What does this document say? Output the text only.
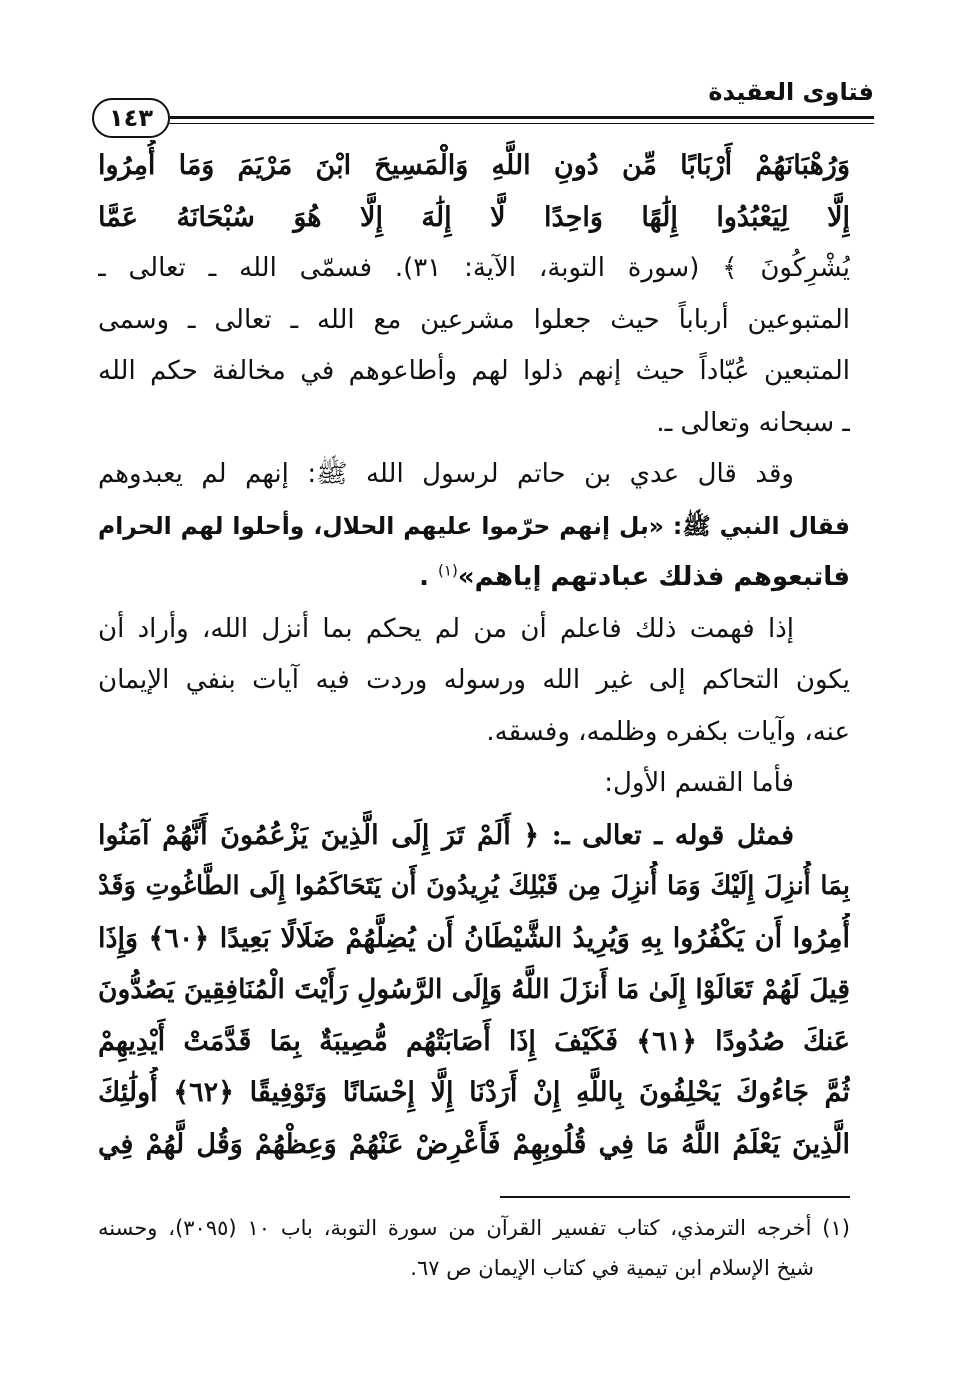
فتاوى العقيدة
١٤٣
وَرُهْبَانَهُمْ أَرْبَابًا مِّن دُونِ اللَّهِ وَالْمَسِيحَ ابْنَ مَرْيَمَ وَمَا أُمِرُوا
إِلَّا لِيَعْبُدُوا إِلَٰهًا وَاحِدًا لَّا إِلَٰهَ إِلَّا هُوَ سُبْحَانَهُ عَمَّا
يُشْرِكُونَ ﴾ (سورة التوبة، الآية: ٣١). فسمّى الله ـ تعالى ـ
المتبوعين أرباباً حيث جعلوا مشرعين مع الله ـ تعالى ـ وسمى
المتبعين عُبّاداً حيث إنهم ذلوا لهم وأطاعوهم في مخالفة حكم الله
ـ سبحانه وتعالى ـ.
وقد قال عدي بن حاتم لرسول الله ﷺ: إنهم لم يعبدوهم
فقال النبي ﷺ: «بل إنهم حرّموا عليهم الحلال، وأحلوا لهم الحرام
فاتبعوهم فذلك عبادتهم إياهم»$^{(١)}$ .
إذا فهمت ذلك فاعلم أن من لم يحكم بما أنزل الله، وأراد أن
يكون التحاكم إلى غير الله ورسوله وردت فيه آيات بنفي الإيمان
عنه، وآيات بكفره وظلمه، وفسقه.
فأما القسم الأول:
فمثل قوله ـ تعالى ـ: ﴿ أَلَمْ تَرَ إِلَى الَّذِينَ يَزْعُمُونَ أَنَّهُمْ آمَنُوا
بِمَا أُنزِلَ إِلَيْكَ وَمَا أُنزِلَ مِن قَبْلِكَ يُرِيدُونَ أَن يَتَحَاكَمُوا إِلَى الطَّاغُوتِ وَقَدْ
أُمِرُوا أَن يَكْفُرُوا بِهِ وَيُرِيدُ الشَّيْطَانُ أَن يُضِلَّهُمْ ضَلَالًا بَعِيدًا ﴿٦٠﴾ وَإِذَا
قِيلَ لَهُمْ تَعَالَوْا إِلَىٰ مَا أَنزَلَ اللَّهُ وَإِلَى الرَّسُولِ رَأَيْتَ الْمُنَافِقِينَ يَصُدُّونَ
عَنكَ صُدُودًا ﴿٦١﴾ فَكَيْفَ إِذَا أَصَابَتْهُم مُّصِيبَةٌ بِمَا قَدَّمَتْ أَيْدِيهِمْ
ثُمَّ جَاءُوكَ يَحْلِفُونَ بِاللَّهِ إِنْ أَرَدْنَا إِلَّا إِحْسَانًا وَتَوْفِيقًا ﴿٦٢﴾ أُولَٰئِكَ
الَّذِينَ يَعْلَمُ اللَّهُ مَا فِي قُلُوبِهِمْ فَأَعْرِضْ عَنْهُمْ وَعِظْهُمْ وَقُل لَّهُمْ فِي
(١) أخرجه الترمذي، كتاب تفسير القرآن من سورة التوبة، باب ١٠ (٣٠٩٥)، وحسنه
شيخ الإسلام ابن تيمية في كتاب الإيمان ص ٦٧.
